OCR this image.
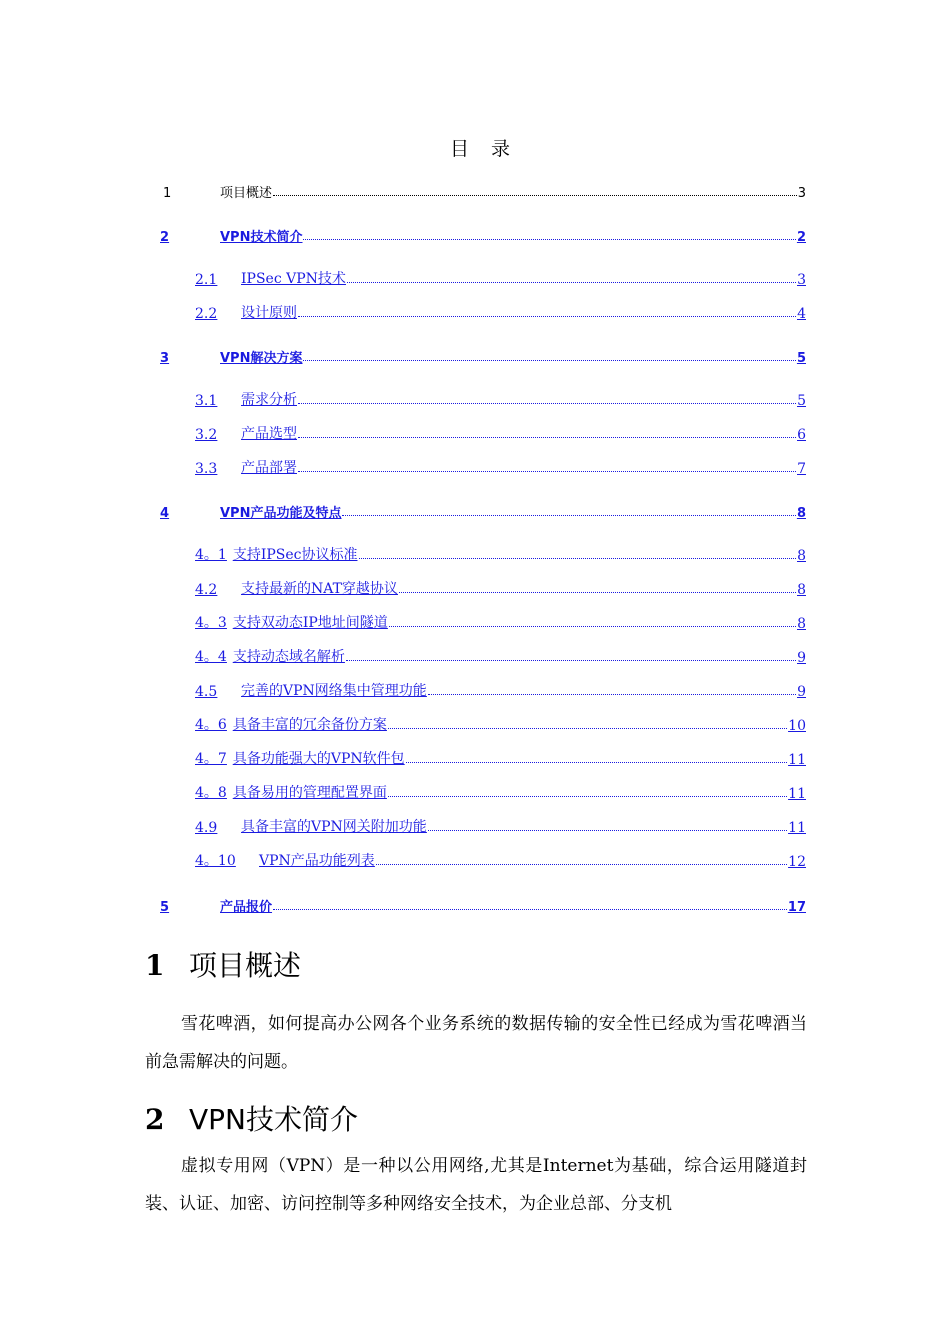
目 录
1	项目概述	3
2	VPN技术简介	2
2.1	IPSec VPN技术	3
2.2	设计原则	4
3	VPN解决方案	5
3.1	需求分析	5
3.2	产品选型	6
3.3	产品部署	7
4	VPN产品功能及特点	8
4。1 支持IPSec协议标准	8
4.2	支持最新的NAT穿越协议	8
4。3 支持双动态IP地址间隧道	8
4。4 支持动态域名解析	9
4.5	完善的VPN网络集中管理功能	9
4。6 具备丰富的冗余备份方案	10
4。7 具备功能强大的VPN软件包	11
4。8 具备易用的管理配置界面	11
4.9	具备丰富的VPN网关附加功能	11
4。10	VPN产品功能列表	12
5	产品报价	17
1 项目概述
雪花啤酒，如何提高办公网各个业务系统的数据传输的安全性已经成为雪花啤酒当前急需解决的问题。
2 VPN技术简介
虚拟专用网（VPN）是一种以公用网络,尤其是Internet为基础，综合运用隧道封装、认证、加密、访问控制等多种网络安全技术，为企业总部、分支机
